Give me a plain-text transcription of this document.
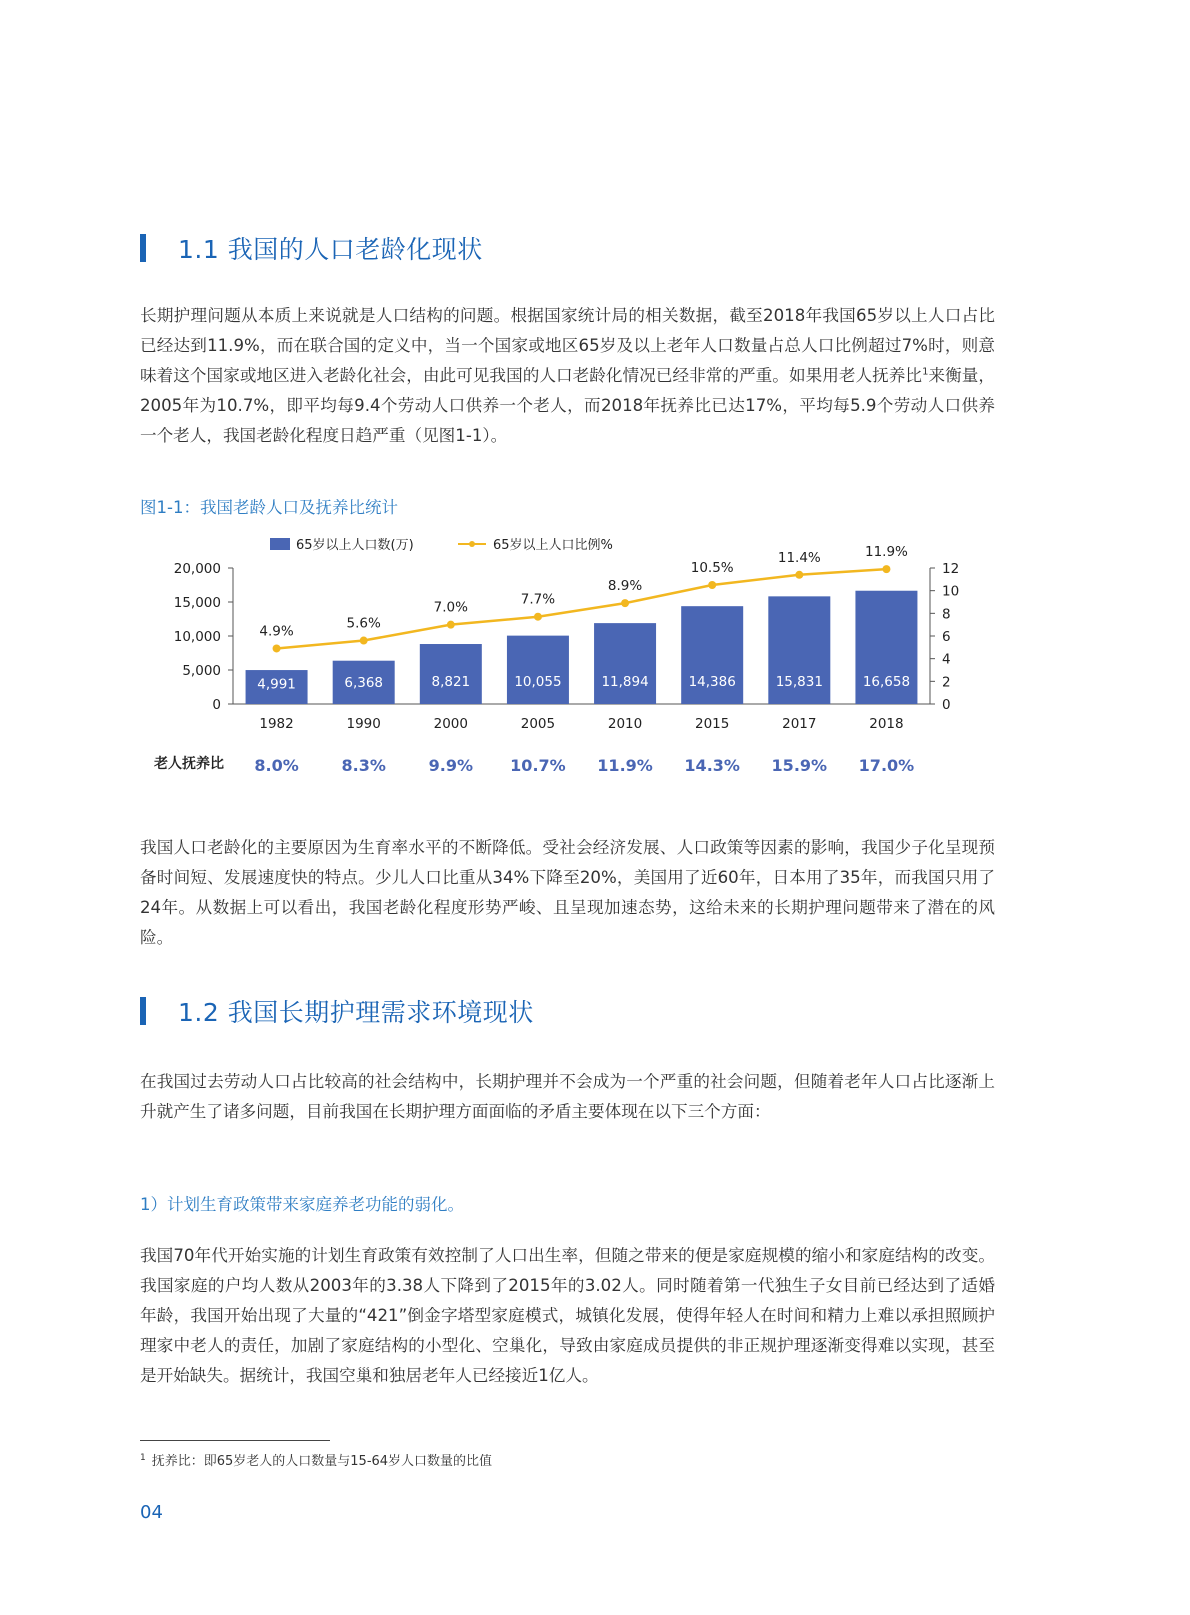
1.1 我国的人口老龄化现状

长期护理问题从本质上来说就是人口结构的问题。根据国家统计局的相关数据，截至2018年我国65岁以上人口占比已经达到11.9%，而在联合国的定义中，当一个国家或地区65岁及以上老年人口数量占总人口比例超过7%时，则意味着这个国家或地区进入老龄化社会，由此可见我国的人口老龄化情况已经非常的严重。如果用老人抚养比$^1$来衡量，2005年为10.7%，即平均每9.4个劳动人口供养一个老人，而2018年抚养比已达17%，平均每5.9个劳动人口供养一个老人，我国老龄化程度日趋严重（见图1-1）。

图1-1：我国老龄人口及抚养比统计
65岁以上人口数(万)	65岁以上人口比例%
0
5,000
10,000
15,000
20,000
0
2
4
6
8
10
12
4,991	6,368	8,821	10,055	11,894	14,386	15,831	16,658
4.9%	5.6%
7.0%	7.7%
8.9%
10.5%
11.4%	11.9%
1982	1990	2000	2005	2010	2015	2017	2018
老人抚养比 8.0%	8.3%	9.9% 10.7% 11.9% 14.3% 15.9% 17.0%

我国人口老龄化的主要原因为生育率水平的不断降低。受社会经济发展、人口政策等因素的影响，我国少子化呈现预备时间短、发展速度快的特点。少儿人口比重从34%下降至20%，美国用了近60年，日本用了35年，而我国只用了24年。从数据上可以看出，我国老龄化程度形势严峻、且呈现加速态势，这给未来的长期护理问题带来了潜在的风险。

1.2 我国长期护理需求环境现状

在我国过去劳动人口占比较高的社会结构中，长期护理并不会成为一个严重的社会问题，但随着老年人口占比逐渐上升就产生了诸多问题，目前我国在长期护理方面面临的矛盾主要体现在以下三个方面：

1）计划生育政策带来家庭养老功能的弱化。

我国70年代开始实施的计划生育政策有效控制了人口出生率，但随之带来的便是家庭规模的缩小和家庭结构的改变。我国家庭的户均人数从2003年的3.38人下降到了2015年的3.02人。同时随着第一代独生子女目前已经达到了适婚年龄，我国开始出现了大量的“421”倒金字塔型家庭模式，城镇化发展，使得年轻人在时间和精力上难以承担照顾护理家中老人的责任，加剧了家庭结构的小型化、空巢化，导致由家庭成员提供的非正规护理逐渐变得难以实现，甚至是开始缺失。据统计，我国空巢和独居老年人已经接近1亿人。

$^1$ 抚养比：即65岁老人的人口数量与15-64岁人口数量的比值
04
